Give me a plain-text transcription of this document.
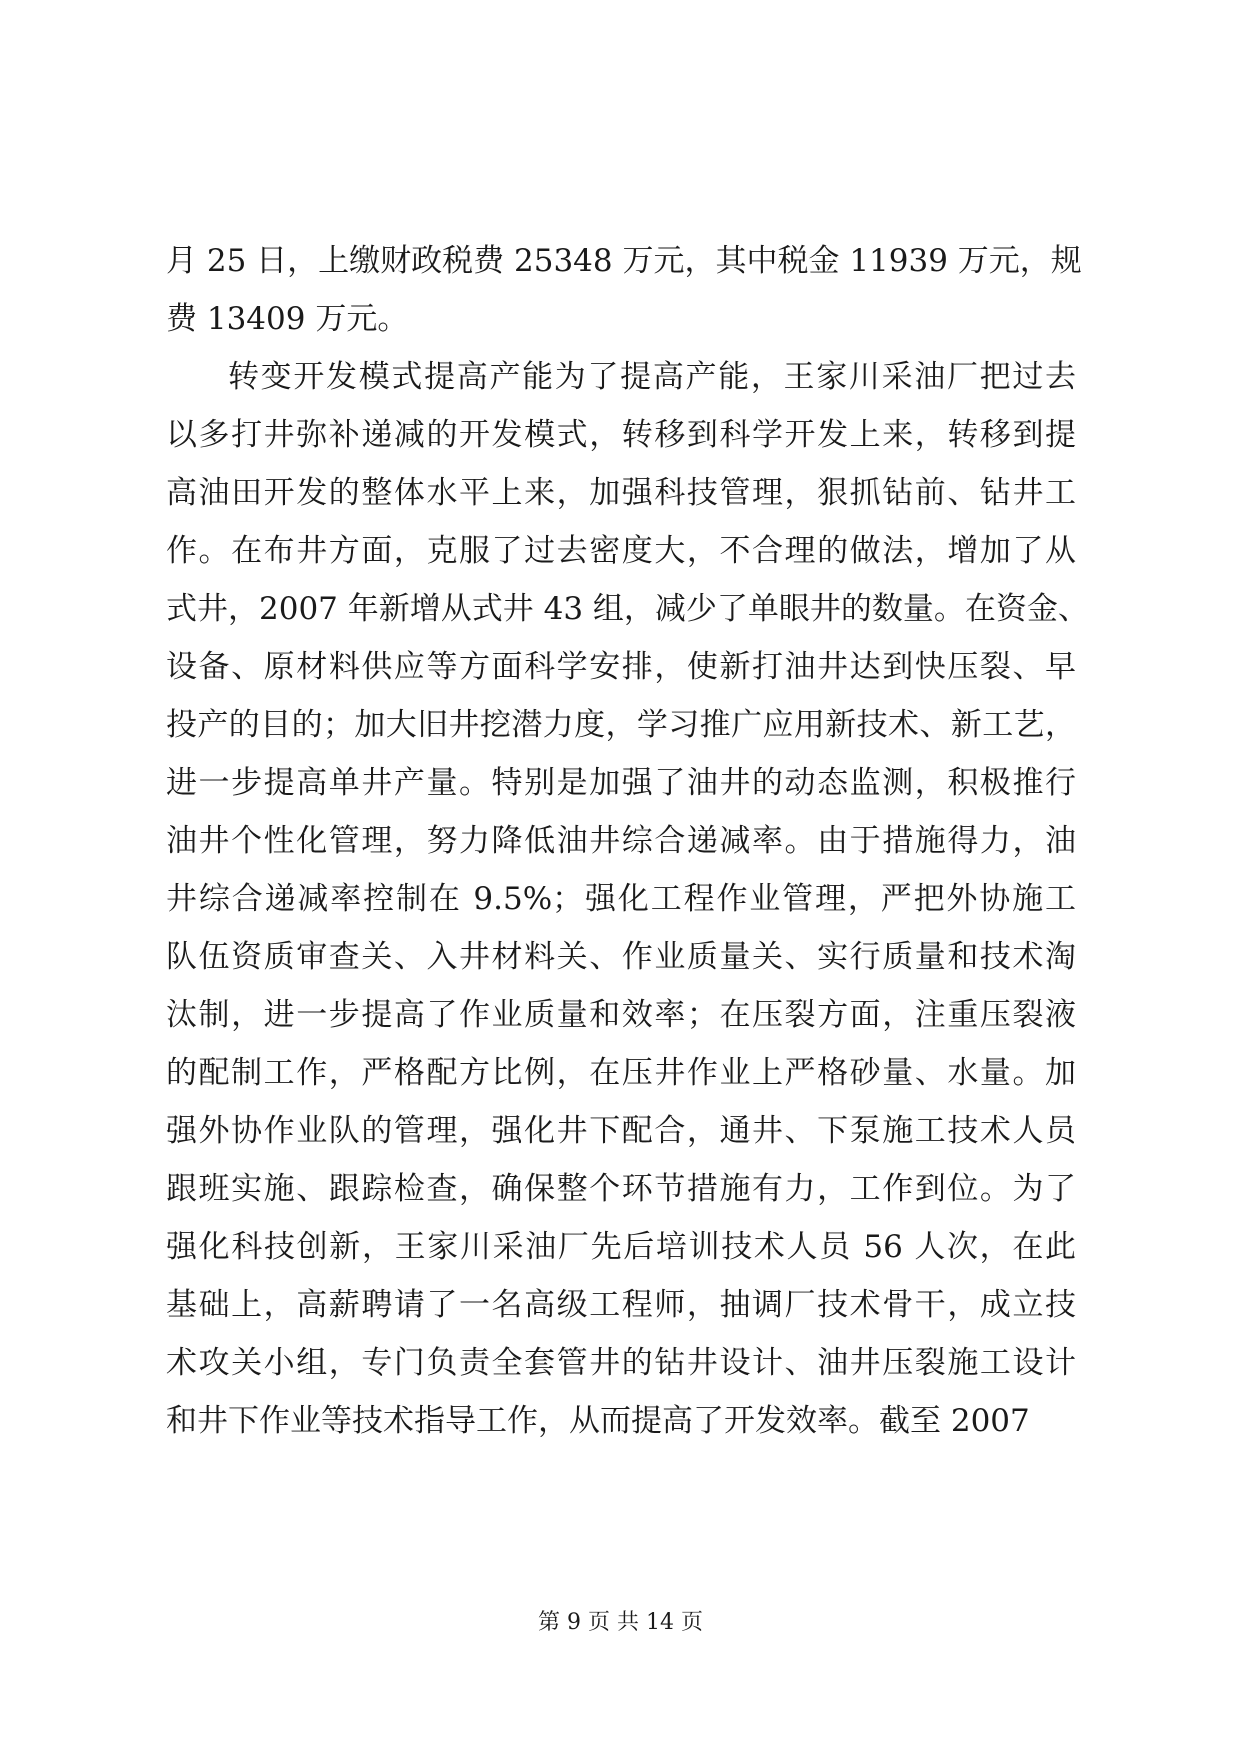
月 25 日，上缴财政税费 25348 万元，其中税金 11939 万元，规
费 13409 万元。
转变开发模式提高产能为了提高产能，王家川采油厂把过去
以多打井弥补递减的开发模式，转移到科学开发上来，转移到提
高油田开发的整体水平上来，加强科技管理，狠抓钻前、钻井工
作。在布井方面，克服了过去密度大，不合理的做法，增加了从
式井，2007 年新增从式井 43 组，减少了单眼井的数量。在资金、
设备、原材料供应等方面科学安排，使新打油井达到快压裂、早
投产的目的；加大旧井挖潜力度，学习推广应用新技术、新工艺，
进一步提高单井产量。特别是加强了油井的动态监测，积极推行
油井个性化管理，努力降低油井综合递减率。由于措施得力，油
井综合递减率控制在 9.5%；强化工程作业管理，严把外协施工
队伍资质审查关、入井材料关、作业质量关、实行质量和技术淘
汰制，进一步提高了作业质量和效率；在压裂方面，注重压裂液
的配制工作，严格配方比例，在压井作业上严格砂量、水量。加
强外协作业队的管理，强化井下配合，通井、下泵施工技术人员
跟班实施、跟踪检查，确保整个环节措施有力，工作到位。为了
强化科技创新，王家川采油厂先后培训技术人员 56 人次，在此
基础上，高薪聘请了一名高级工程师，抽调厂技术骨干，成立技
术攻关小组，专门负责全套管井的钻井设计、油井压裂施工设计
和井下作业等技术指导工作，从而提高了开发效率。截至 2007
第 9 页 共 14 页
